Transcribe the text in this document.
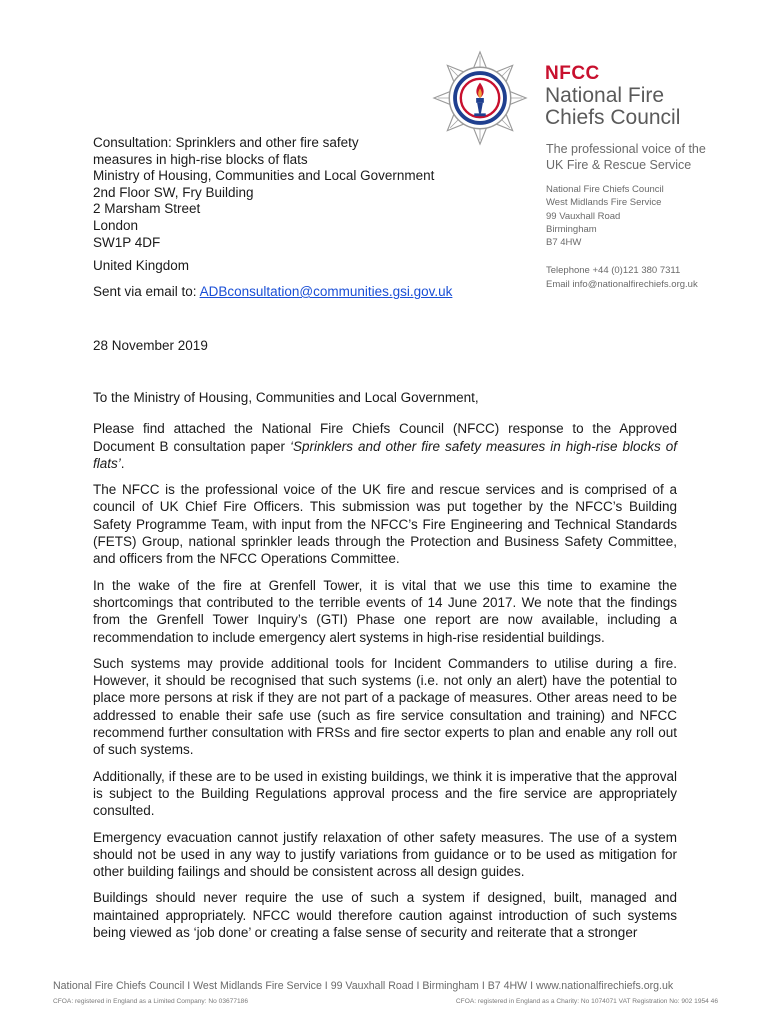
NFCC
National Fire
Chiefs Council
The professional voice of the
UK Fire & Rescue Service
National Fire Chiefs Council
West Midlands Fire Service
99 Vauxhall Road
Birmingham
B7 4HW
Telephone +44 (0)121 380 7311
Email info@nationalfirechiefs.org.uk
Consultation: Sprinklers and other fire safety
measures in high-rise blocks of flats
Ministry of Housing, Communities and Local Government
2nd Floor SW, Fry Building
2 Marsham Street
London
SW1P 4DF
United Kingdom
Sent via email to: ADBconsultation@communities.gsi.gov.uk
28 November 2019

To the Ministry of Housing, Communities and Local Government,

Please find attached the National Fire Chiefs Council (NFCC) response to the Approved Document B consultation paper ‘Sprinklers and other fire safety measures in high-rise blocks of flats’.

The NFCC is the professional voice of the UK fire and rescue services and is comprised of a council of UK Chief Fire Officers. This submission was put together by the NFCC’s Building Safety Programme Team, with input from the NFCC’s Fire Engineering and Technical Standards (FETS) Group, national sprinkler leads through the Protection and Business Safety Committee, and officers from the NFCC Operations Committee.

In the wake of the fire at Grenfell Tower, it is vital that we use this time to examine the shortcomings that contributed to the terrible events of 14 June 2017. We note that the findings from the Grenfell Tower Inquiry’s (GTI) Phase one report are now available, including a recommendation to include emergency alert systems in high-rise residential buildings.

Such systems may provide additional tools for Incident Commanders to utilise during a fire. However, it should be recognised that such systems (i.e. not only an alert) have the potential to place more persons at risk if they are not part of a package of measures. Other areas need to be addressed to enable their safe use (such as fire service consultation and training) and NFCC recommend further consultation with FRSs and fire sector experts to plan and enable any roll out of such systems.

Additionally, if these are to be used in existing buildings, we think it is imperative that the approval is subject to the Building Regulations approval process and the fire service are appropriately consulted.

Emergency evacuation cannot justify relaxation of other safety measures. The use of a system should not be used in any way to justify variations from guidance or to be used as mitigation for other building failings and should be consistent across all design guides.

Buildings should never require the use of such a system if designed, built, managed and maintained appropriately. NFCC would therefore caution against introduction of such systems being viewed as ‘job done’ or creating a false sense of security and reiterate that a stronger

National Fire Chiefs Council I West Midlands Fire Service I 99 Vauxhall Road I Birmingham I B7 4HW I www.nationalfirechiefs.org.uk
CFOA: registered in England as a Limited Company: No 03677186	CFOA: registered in England as a Charity: No 1074071 VAT Registration No: 902 1954 46
